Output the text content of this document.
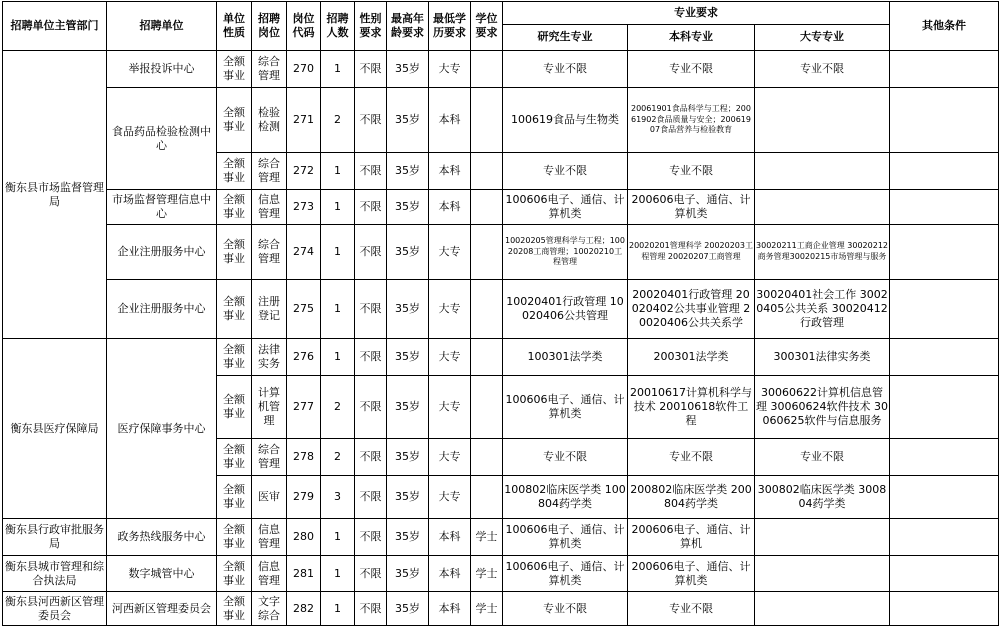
招聘单位主管部门	招聘单位	单位性质	招聘岗位	岗位代码	招聘人数	性别要求	最高年龄要求	最低学历要求	学位要求	专业要求			其他条件
										研究生专业	本科专业	大专专业	
衡东县市场监督管理局	举报投诉中心	全额事业	综合管理	270	1	不限	35岁	大专		专业不限	专业不限	专业不限	
	食品药品检验检测中心	全额事业	检验检测	271	2	不限	35岁	本科		100619食品与生物类	20061901食品科学与工程；20061902食品质量与安全；20061907食品营养与检验教育		
		全额事业	综合管理	272	1	不限	35岁	本科		专业不限	专业不限		
	市场监督管理信息中心	全额事业	信息管理	273	1	不限	35岁	本科		100606电子、通信、计算机类	200606电子、通信、计算机类		
	企业注册服务中心	全额事业	综合管理	274	1	不限	35岁	大专		10020205管理科学与工程；10020208工商管理；10020210工程管理	20020201管理科学 20020203工程管理 20020207工商管理	30020211工商企业管理 30020212商务管理30020215市场管理与服务	
	企业注册服务中心	全额事业	注册登记	275	1	不限	35岁	大专		10020401行政管理 10020406公共管理	20020401行政管理 20020402公共事业管理 20020406公共关系学	30020401社会工作 30020405公共关系 30020412行政管理	
衡东县医疗保障局	医疗保障事务中心	全额事业	法律实务	276	1	不限	35岁	大专		100301法学类	200301法学类	300301法律实务类	
		全额事业	计算机管理	277	2	不限	35岁	大专		100606电子、通信、计算机类	20010617计算机科学与技术 20010618软件工程	30060622计算机信息管理 30060624软件技术 30060625软件与信息服务	
		全额事业	综合管理	278	2	不限	35岁	大专		专业不限	专业不限	专业不限	
		全额事业	医审	279	3	不限	35岁	大专		100802临床医学类 100804药学类	200802临床医学类 200804药学类	300802临床医学类 300804药学类	
衡东县行政审批服务局	政务热线服务中心	全额事业	信息管理	280	1	不限	35岁	本科	学士	100606电子、通信、计算机类	200606电子、通信、计算机		
衡东县城市管理和综合执法局	数字城管中心	全额事业	信息管理	281	1	不限	35岁	本科	学士	100606电子、通信、计算机类	200606电子、通信、计算机类		
衡东县河西新区管理委员会	河西新区管理委员会	全额事业	文字综合	282	1	不限	35岁	本科	学士	专业不限	专业不限		
